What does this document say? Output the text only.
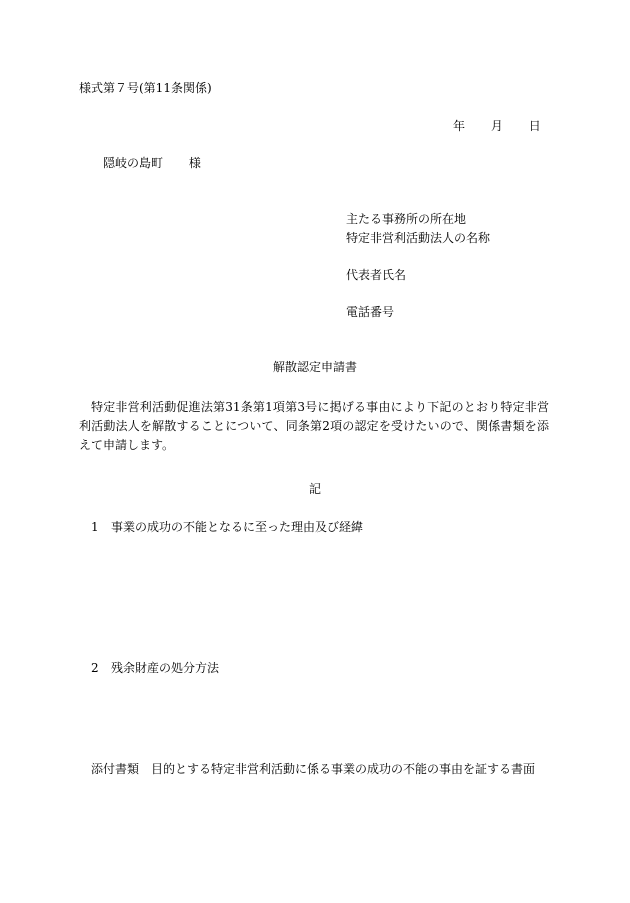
様式第７号(第11条関係)
年 月 日
隠岐の島町 様
主たる事務所の所在地
特定非営利活動法人の名称
代表者氏名
電話番号
解散認定申請書
特定非営利活動促進法第31条第1項第3号に掲げる事由により下記のとおり特定非営利活動法人を解散することについて、同条第2項の認定を受けたいので、関係書類を添えて申請します。
記
1 事業の成功の不能となるに至った理由及び経緯
2 残余財産の処分方法
添付書類 目的とする特定非営利活動に係る事業の成功の不能の事由を証する書面
